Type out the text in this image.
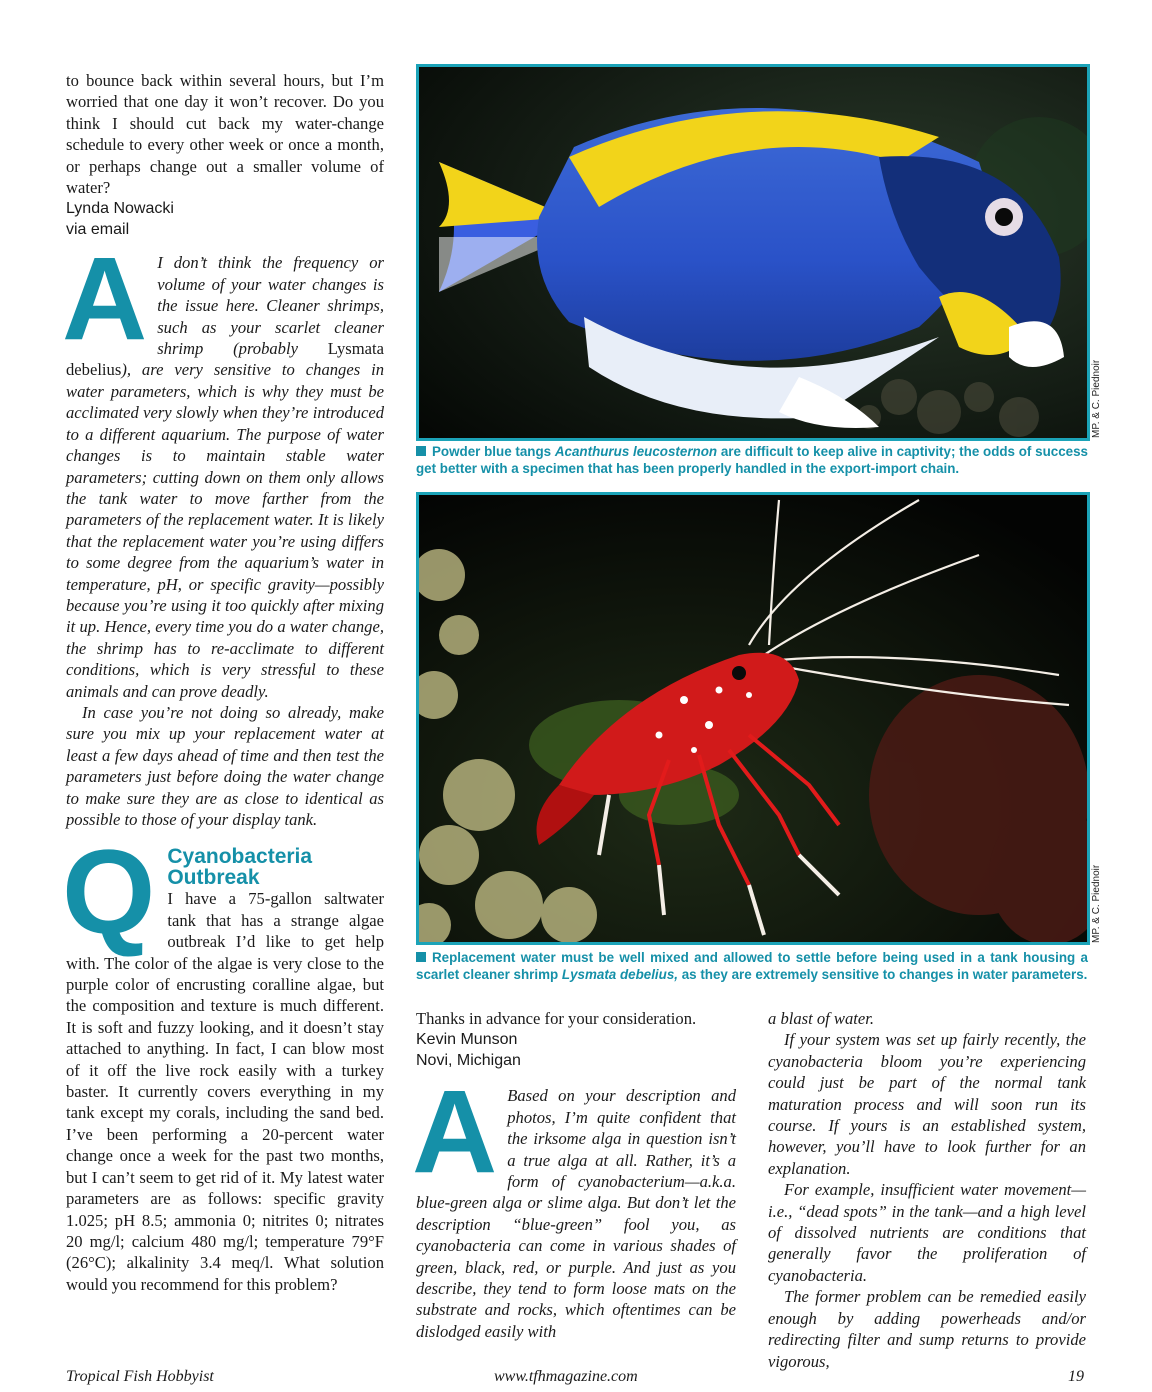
to bounce back within several hours, but I’m worried that one day it won’t recover. Do you think I should cut back my water-change schedule to every other week or once a month, or perhaps change out a smaller volume of water?

Lynda Nowacki

via email

A I don’t think the frequency or volume of your water changes is the issue here. Cleaner shrimps, such as your scarlet cleaner shrimp (probably Lysmata debelius), are very sensitive to changes in water parameters, which is why they must be acclimated very slowly when they’re introduced to a different aquarium. The purpose of water changes is to maintain stable water parameters; cutting down on them only allows the tank water to move farther from the parameters of the replacement water. It is likely that the replacement water you’re using differs to some degree from the aquarium’s water in temperature, pH, or specific gravity—possibly because you’re using it too quickly after mixing it up. Hence, every time you do a water change, the shrimp has to re-acclimate to different conditions, which is very stressful to these animals and can prove deadly.

In case you’re not doing so already, make sure you mix up your replacement water at least a few days ahead of time and then test the parameters just before doing the water change to make sure they are as close to identical as possible to those of your display tank.

Q Cyanobacteria
Outbreak

I have a 75-gallon saltwater tank that has a strange algae outbreak I’d like to get help with. The color of the algae is very close to the purple color of encrusting coralline algae, but the composition and texture is much different. It is soft and fuzzy looking, and it doesn’t stay attached to anything. In fact, I can blow most of it off the live rock easily with a turkey baster. It currently covers everything in my tank except my corals, including the sand bed. I’ve been performing a 20-percent water change once a week for the past two months, but I can’t seem to get rid of it. My latest water parameters are as follows: specific gravity 1.025; pH 8.5; ammonia 0; nitrites 0; nitrates 20 mg/l; calcium 480 mg/l; temperature 79°F (26°C); alkalinity 3.4 meq/l. What solution would you recommend for this problem?

MP. & C. Piednoir
Powder blue tangs Acanthurus leucosternon are difficult to keep alive in captivity; the odds of success get better with a specimen that has been properly handled in the export-import chain.
MP. & C. Piednoir
Replacement water must be well mixed and allowed to settle before being used in a tank housing a scarlet cleaner shrimp Lysmata debelius, as they are extremely sensitive to changes in water parameters.

Thanks in advance for your consideration.

Kevin Munson

Novi, Michigan

A Based on your description and photos, I’m quite confident that the irksome alga in question isn’t a true alga at all. Rather, it’s a form of cyanobacterium—a.k.a. blue-green alga or slime alga. But don’t let the description “blue-green” fool you, as cyanobacteria can come in various shades of green, black, red, or purple. And just as you describe, they tend to form loose mats on the substrate and rocks, which oftentimes can be dislodged easily with

a blast of water.

If your system was set up fairly recently, the cyanobacteria bloom you’re experiencing could just be part of the normal tank maturation process and will soon run its course. If yours is an established system, however, you’ll have to look further for an explanation.

For example, insufficient water movement—i.e., “dead spots” in the tank—and a high level of dissolved nutrients are conditions that generally favor the proliferation of cyanobacteria.

The former problem can be remedied easily enough by adding powerheads and/or redirecting filter and sump returns to provide vigorous,

Tropical Fish Hobbyist	www.tfhmagazine.com	19
